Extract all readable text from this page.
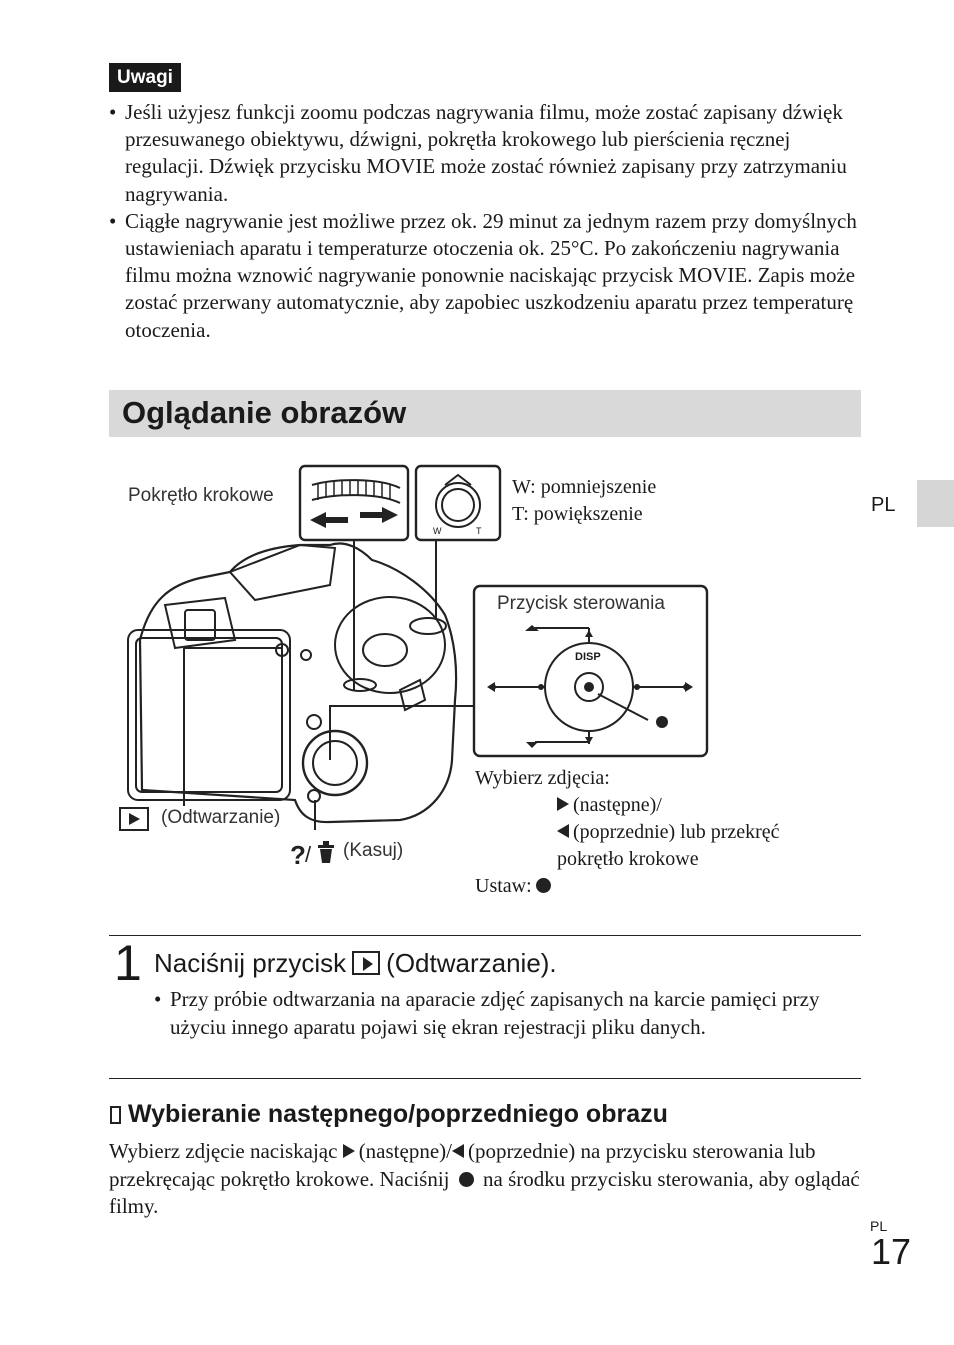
Uwagi
• Jeśli użyjesz funkcji zoomu podczas nagrywania filmu, może zostać zapisany dźwięk przesuwanego obiektywu, dźwigni, pokrętła krokowego lub pierścienia ręcznej regulacji. Dźwięk przycisku MOVIE może zostać również zapisany przy zatrzymaniu nagrywania.
• Ciągłe nagrywanie jest możliwe przez ok. 29 minut za jednym razem przy domyślnych ustawieniach aparatu i temperaturze otoczenia ok. 25°C. Po zakończeniu nagrywania filmu można wznowić nagrywanie ponownie naciskając przycisk MOVIE. Zapis może zostać przerwany automatycznie, aby zapobiec uszkodzeniu aparatu przez temperaturę otoczenia.
Oglądanie obrazów
PL
? /
Pokrętło krokowe	W: pomniejszenie
T: powiększenie
W	T
Przycisk sterowania
DISP
(Odtwarzanie)
(Kasuj)
Wybierz zdjęcia:
(następne)/
(poprzednie) lub przekręć
pokrętło krokowe
Ustaw:
1 Naciśnij przycisk (Odtwarzanie).
• Przy próbie odtwarzania na aparacie zdjęć zapisanych na karcie pamięci przy użyciu innego aparatu pojawi się ekran rejestracji pliku danych.
Wybieranie następnego/poprzedniego obrazu
Wybierz zdjęcie naciskając (następne)/ (poprzednie) na przycisku sterowania lub przekręcając pokrętło krokowe. Naciśnij na środku przycisku sterowania, aby oglądać filmy.
PL
17
